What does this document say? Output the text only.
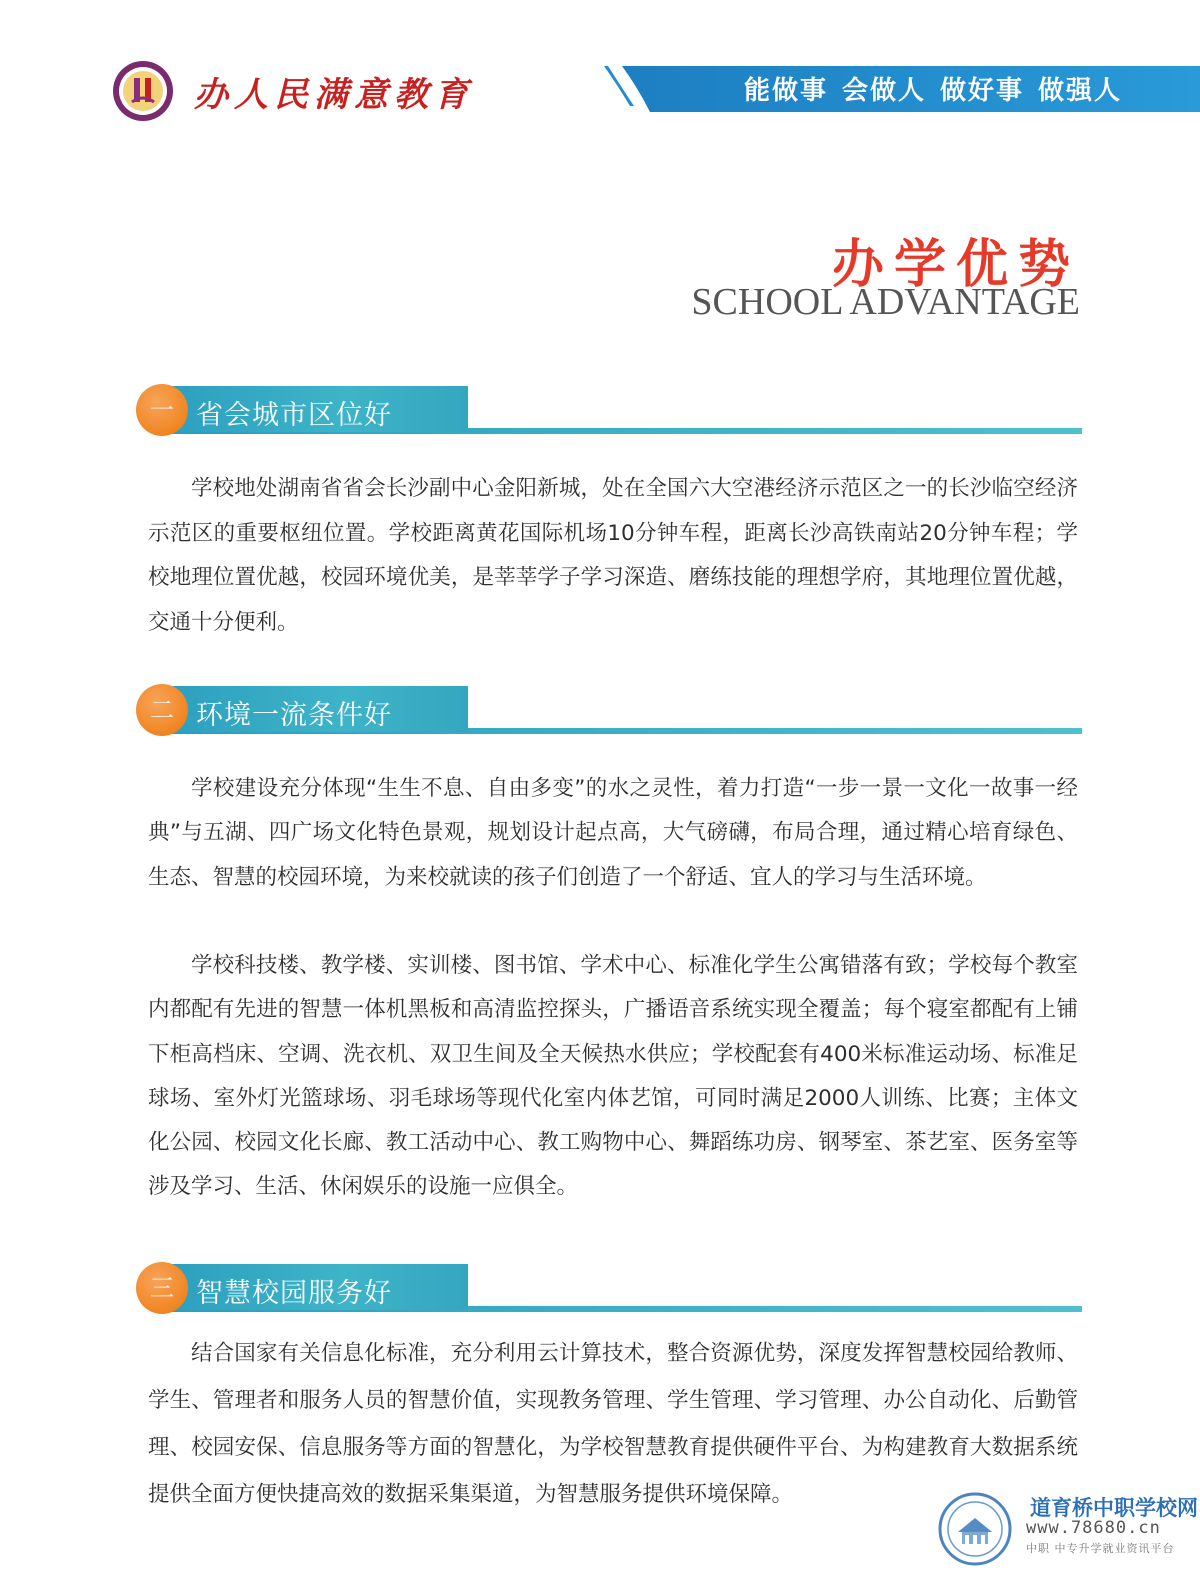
办人民满意教育	能做事 会做人 做好事 做强人
办学优势
SCHOOL ADVANTAGE
一 省会城市区位好

学校地处湖南省省会长沙副中心金阳新城，处在全国六大空港经济示范区之一的长沙临空经济示范区的重要枢纽位置。学校距离黄花国际机场10分钟车程，距离长沙高铁南站20分钟车程；学校地理位置优越，校园环境优美，是莘莘学子学习深造、磨练技能的理想学府，其地理位置优越，交通十分便利。

二 环境一流条件好

学校建设充分体现“生生不息、自由多变”的水之灵性，着力打造“一步一景一文化一故事一经典”与五湖、四广场文化特色景观，规划设计起点高，大气磅礴，布局合理，通过精心培育绿色、生态、智慧的校园环境，为来校就读的孩子们创造了一个舒适、宜人的学习与生活环境。

学校科技楼、教学楼、实训楼、图书馆、学术中心、标准化学生公寓错落有致；学校每个教室内都配有先进的智慧一体机黑板和高清监控探头，广播语音系统实现全覆盖；每个寝室都配有上铺下柜高档床、空调、洗衣机、双卫生间及全天候热水供应；学校配套有400米标准运动场、标准足球场、室外灯光篮球场、羽毛球场等现代化室内体艺馆，可同时满足2000人训练、比赛；主体文化公园、校园文化长廊、教工活动中心、教工购物中心、舞蹈练功房、钢琴室、茶艺室、医务室等涉及学习、生活、休闲娱乐的设施一应俱全。

三 智慧校园服务好

结合国家有关信息化标准，充分利用云计算技术，整合资源优势，深度发挥智慧校园给教师、学生、管理者和服务人员的智慧价值，实现教务管理、学生管理、学习管理、办公自动化、后勤管理、校园安保、信息服务等方面的智慧化，为学校智慧教育提供硬件平台、为构建教育大数据系统提供全面方便快捷高效的数据采集渠道，为智慧服务提供环境保障。

道育桥中职学校网
www.78680.cn
中职 中专升学就业资讯平台
